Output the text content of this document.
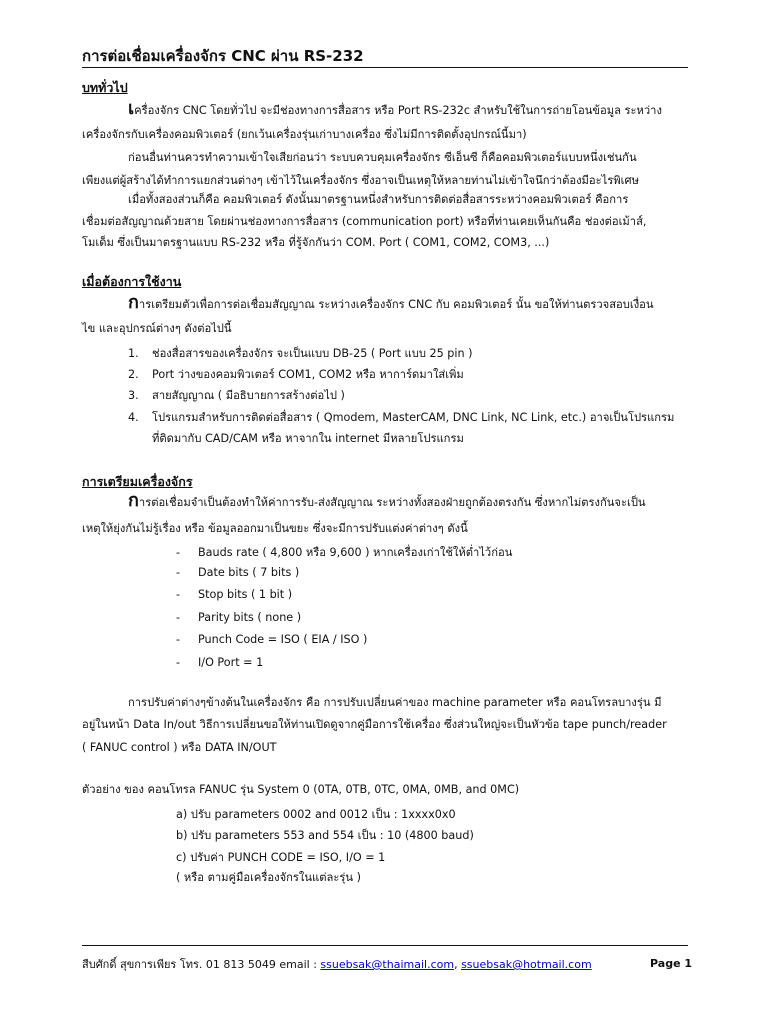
การต่อเชื่อมเครื่องจักร CNC ผ่าน RS-232
บททั่วไป
เครื่องจักร CNC โดยทั่วไป จะมีช่องทางการสื่อสาร หรือ Port RS-232c สำหรับใช้ในการถ่ายโอนข้อมูล ระหว่าง
เครื่องจักรกับเครื่องคอมพิวเตอร์ (ยกเว้นเครื่องรุ่นเก่าบางเครื่อง ซึ่งไม่มีการติดตั้งอุปกรณ์นี้มา)
ก่อนอื่นท่านควรทำความเข้าใจเสียก่อนว่า ระบบควบคุมเครื่องจักร ซีเอ็นซี ก็คือคอมพิวเตอร์แบบหนึ่งเช่นกัน
เพียงแต่ผู้สร้างได้ทำการแยกส่วนต่างๆ เข้าไว้ในเครื่องจักร ซึ่งอาจเป็นเหตุให้หลายท่านไม่เข้าใจนึกว่าต้องมีอะไรพิเศษ
เมื่อทั้งสองส่วนก็คือ คอมพิวเตอร์ ดังนั้นมาตรฐานหนึ่งสำหรับการติดต่อสื่อสารระหว่างคอมพิวเตอร์ คือการ
เชื่อมต่อสัญญาณด้วยสาย โดยผ่านช่องทางการสื่อสาร (communication port) หรือที่ท่านเคยเห็นกันคือ ช่องต่อเม้าส์,
โมเด็ม ซึ่งเป็นมาตรฐานแบบ RS-232 หรือ ที่รู้จักกันว่า COM. Port ( COM1, COM2, COM3, ...)
เมื่อต้องการใช้งาน
การเตรียมตัวเพื่อการต่อเชื่อมสัญญาณ ระหว่างเครื่องจักร CNC กับ คอมพิวเตอร์ นั้น ขอให้ท่านตรวจสอบเงื่อน
ไข และอุปกรณ์ต่างๆ ดังต่อไปนี้
1. ช่องสื่อสารของเครื่องจักร จะเป็นแบบ DB-25 ( Port แบบ 25 pin )
2. Port ว่างของคอมพิวเตอร์ COM1, COM2 หรือ หาการ์ดมาใส่เพิ่ม
3. สายสัญญาณ ( มีอธิบายการสร้างต่อไป )
4. โปรแกรมสำหรับการติดต่อสื่อสาร ( Qmodem, MasterCAM, DNC Link, NC Link, etc.) อาจเป็นโปรแกรม
ที่ติดมากับ CAD/CAM หรือ หาจากใน internet มีหลายโปรแกรม
การเตรียมเครื่องจักร
การต่อเชื่อมจำเป็นต้องทำให้ค่าการรับ-ส่งสัญญาณ ระหว่างทั้งสองฝ่ายถูกต้องตรงกัน ซึ่งหากไม่ตรงกันจะเป็น
เหตุให้ยุ่งกันไม่รู้เรื่อง หรือ ข้อมูลออกมาเป็นขยะ ซึ่งจะมีการปรับแต่งค่าต่างๆ ดังนี้
- Bauds rate ( 4,800 หรือ 9,600 ) หากเครื่องเก่าใช้ให้ต่ำไว้ก่อน
- Date bits ( 7 bits )
- Stop bits ( 1 bit )
- Parity bits ( none )
- Punch Code = ISO ( EIA / ISO )
- I/O Port = 1
การปรับค่าต่างๆข้างต้นในเครื่องจักร คือ การปรับเปลี่ยนค่าของ machine parameter หรือ คอนโทรลบางรุ่น มี
อยู่ในหน้า Data In/out วิธีการเปลี่ยนขอให้ท่านเปิดดูจากคู่มือการใช้เครื่อง ซึ่งส่วนใหญ่จะเป็นหัวข้อ tape punch/reader
( FANUC control ) หรือ DATA IN/OUT
ตัวอย่าง ของ คอนโทรล FANUC รุ่น System 0 (0TA, 0TB, 0TC, 0MA, 0MB, and 0MC)
a) ปรับ parameters 0002 and 0012 เป็น : 1xxxx0x0
b) ปรับ parameters 553 and 554 เป็น : 10 (4800 baud)
c) ปรับค่า PUNCH CODE = ISO, I/O = 1
( หรือ ตามคู่มือเครื่องจักรในแต่ละรุ่น )
สืบศักดิ์ สุขการเพียร โทร. 01 813 5049 email : ssuebsak@thaimail.com, ssuebsak@hotmail.com	Page 1
